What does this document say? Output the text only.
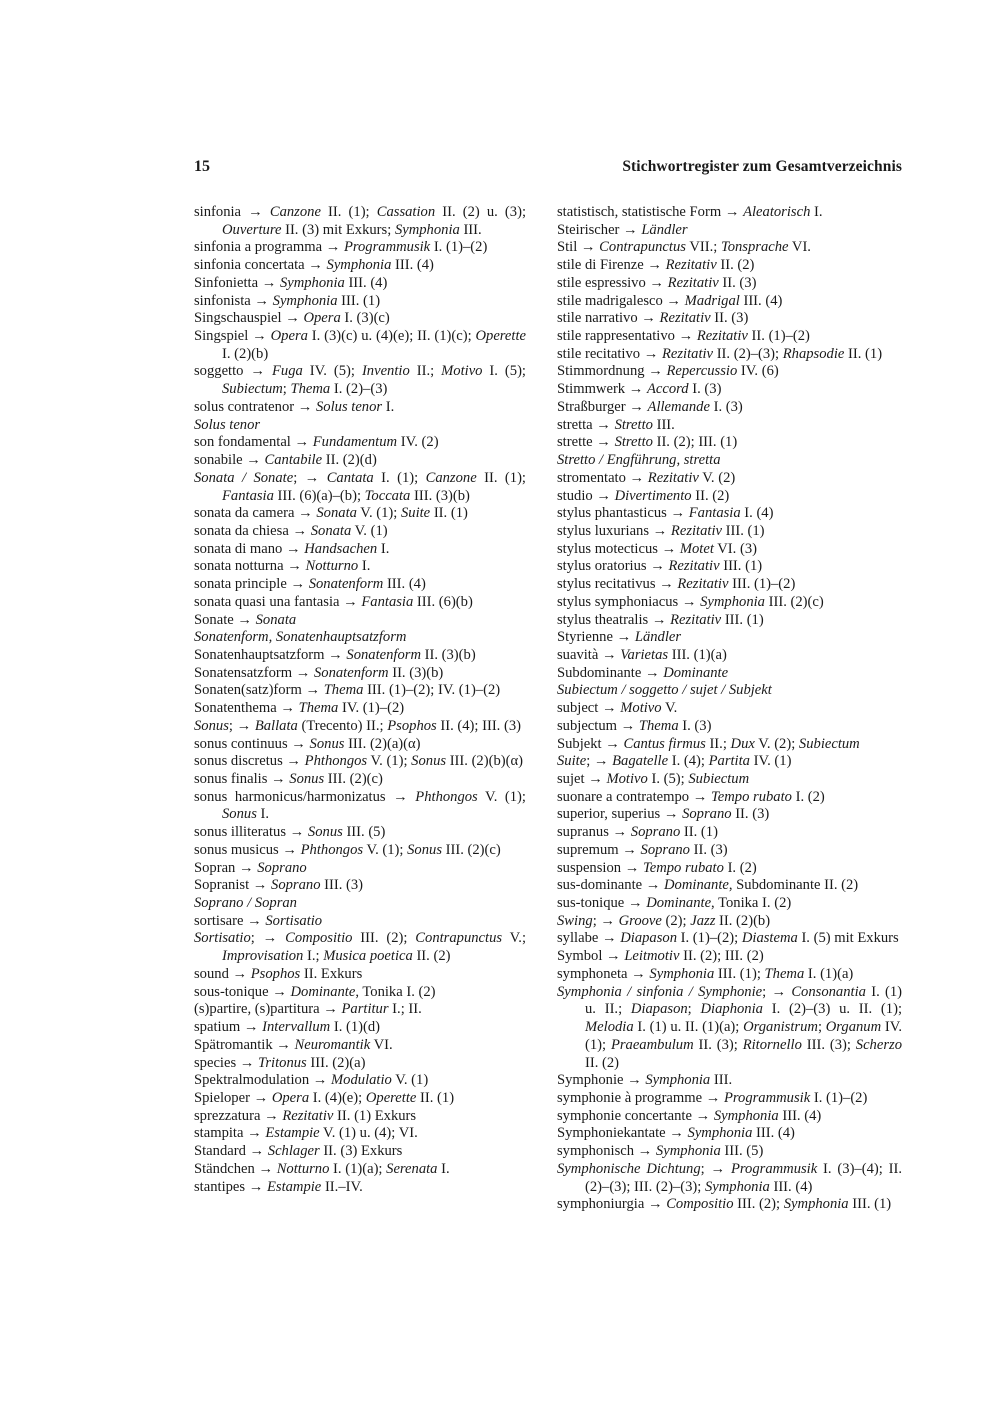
15	Stichwortregister zum Gesamtverzeichnis
sinfonia → Canzone II. (1); Cassation II. (2) u. (3); Ouverture II. (3) mit Exkurs; Symphonia III.
sinfonia a programma → Programmusik I. (1)–(2)
sinfonia concertata → Symphonia III. (4)
Sinfonietta → Symphonia III. (4)
sinfonista → Symphonia III. (1)
Singschauspiel → Opera I. (3)(c)
Singspiel → Opera I. (3)(c) u. (4)(e); II. (1)(c); Operette I. (2)(b)
soggetto → Fuga IV. (5); Inventio II.; Motivo I. (5); Subiectum; Thema I. (2)–(3)
solus contratenor → Solus tenor I.
Solus tenor
son fondamental → Fundamentum IV. (2)
sonabile → Cantabile II. (2)(d)
Sonata / Sonate; → Cantata I. (1); Canzone II. (1); Fantasia III. (6)(a)–(b); Toccata III. (3)(b)
sonata da camera → Sonata V. (1); Suite II. (1)
sonata da chiesa → Sonata V. (1)
sonata di mano → Handsachen I.
sonata notturna → Notturno I.
sonata principle → Sonatenform III. (4)
sonata quasi una fantasia → Fantasia III. (6)(b)
Sonate → Sonata
Sonatenform, Sonatenhauptsatzform
Sonatenhauptsatzform → Sonatenform II. (3)(b)
Sonatensatzform → Sonatenform II. (3)(b)
Sonaten(satz)form → Thema III. (1)–(2); IV. (1)–(2)
Sonatenthema → Thema IV. (1)–(2)
Sonus; → Ballata (Trecento) II.; Psophos II. (4); III. (3)
sonus continuus → Sonus III. (2)(a)(α)
sonus discretus → Phthongos V. (1); Sonus III. (2)(b)(α)
sonus finalis → Sonus III. (2)(c)
sonus harmonicus/harmonizatus → Phthongos V. (1); Sonus I.
sonus illiteratus → Sonus III. (5)
sonus musicus → Phthongos V. (1); Sonus III. (2)(c)
Sopran → Soprano
Sopranist → Soprano III. (3)
Soprano / Sopran
sortisare → Sortisatio
Sortisatio; → Compositio III. (2); Contrapunctus V.; Improvisation I.; Musica poetica II. (2)
sound → Psophos II. Exkurs
sous-tonique → Dominante, Tonika I. (2)
(s)partire, (s)partitura → Partitur I.; II.
spatium → Intervallum I. (1)(d)
Spätromantik → Neuromantik VI.
species → Tritonus III. (2)(a)
Spektralmodulation → Modulatio V. (1)
Spieloper → Opera I. (4)(e); Operette II. (1)
sprezzatura → Rezitativ II. (1) Exkurs
stampita → Estampie V. (1) u. (4); VI.
Standard → Schlager II. (3) Exkurs
Ständchen → Notturno I. (1)(a); Serenata I.
stantipes → Estampie II.–IV.
statistisch, statistische Form → Aleatorisch I.
Steirischer → Ländler
Stil → Contrapunctus VII.; Tonsprache VI.
stile di Firenze → Rezitativ II. (2)
stile espressivo → Rezitativ II. (3)
stile madrigalesco → Madrigal III. (4)
stile narrativo → Rezitativ II. (3)
stile rappresentativo → Rezitativ II. (1)–(2)
stile recitativo → Rezitativ II. (2)–(3); Rhapsodie II. (1)
Stimmordnung → Repercussio IV. (6)
Stimmwerk → Accord I. (3)
Straßburger → Allemande I. (3)
stretta → Stretto III.
strette → Stretto II. (2); III. (1)
Stretto / Engführung, stretta
stromentato → Rezitativ V. (2)
studio → Divertimento II. (2)
stylus phantasticus → Fantasia I. (4)
stylus luxurians → Rezitativ III. (1)
stylus motecticus → Motet VI. (3)
stylus oratorius → Rezitativ III. (1)
stylus recitativus → Rezitativ III. (1)–(2)
stylus symphoniacus → Symphonia III. (2)(c)
stylus theatralis → Rezitativ III. (1)
Styrienne → Ländler
suavità → Varietas III. (1)(a)
Subdominante → Dominante
Subiectum / soggetto / sujet / Subjekt
subject → Motivo V.
subjectum → Thema I. (3)
Subjekt → Cantus firmus II.; Dux V. (2); Subiectum
Suite; → Bagatelle I. (4); Partita IV. (1)
sujet → Motivo I. (5); Subiectum
suonare a contratempo → Tempo rubato I. (2)
superior, superius → Soprano II. (3)
supranus → Soprano II. (1)
supremum → Soprano II. (3)
suspension → Tempo rubato I. (2)
sus-dominante → Dominante, Subdominante II. (2)
sus-tonique → Dominante, Tonika I. (2)
Swing; → Groove (2); Jazz II. (2)(b)
syllabe → Diapason I. (1)–(2); Diastema I. (5) mit Exkurs
Symbol → Leitmotiv II. (2); III. (2)
symphoneta → Symphonia III. (1); Thema I. (1)(a)
Symphonia / sinfonia / Symphonie; → Consonantia I. (1) u. II.; Diapason; Diaphonia I. (2)–(3) u. II. (1); Melodia I. (1) u. II. (1)(a); Organistrum; Organum IV. (1); Praeambulum II. (3); Ritornello III. (3); Scherzo II. (2)
Symphonie → Symphonia III.
symphonie à programme → Programmusik I. (1)–(2)
symphonie concertante → Symphonia III. (4)
Symphoniekantate → Symphonia III. (4)
symphonisch → Symphonia III. (5)
Symphonische Dichtung; → Programmusik I. (3)–(4); II. (2)–(3); III. (2)–(3); Symphonia III. (4)
symphoniurgia → Compositio III. (2); Symphonia III. (1)
